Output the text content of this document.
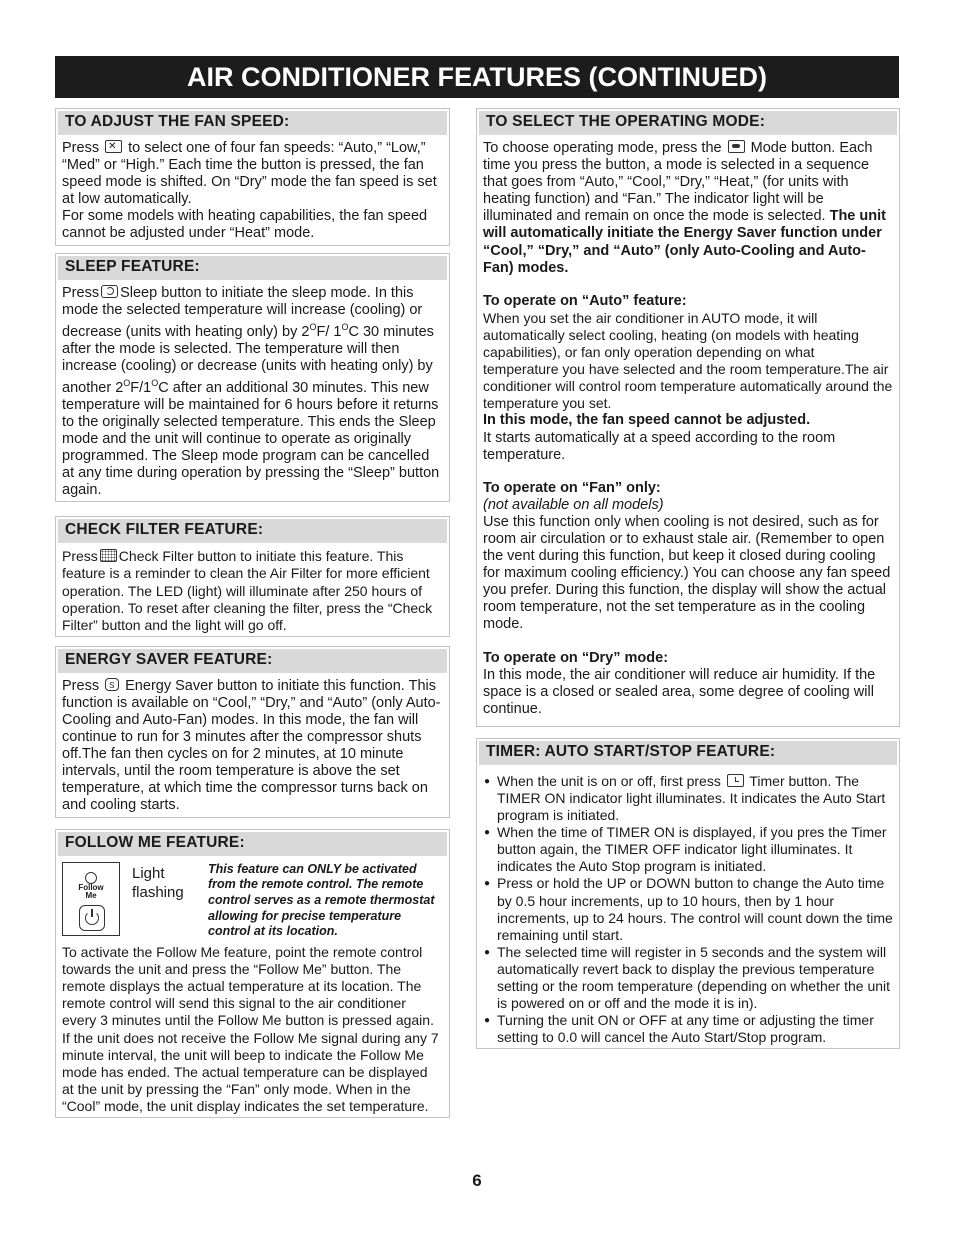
AIR CONDITIONER FEATURES (CONTINUED)
TO ADJUST THE FAN SPEED:

Press ✕ to select one of four fan speeds: “Auto,” “Low,” “Med” or “High.” Each time the button is pressed, the fan speed mode is shifted. On “Dry” mode the fan speed is set at low automatically.

For some models with heating capabilities, the fan speed cannot be adjusted under “Heat” mode.

SLEEP FEATURE:

Press Sleep button to initiate the sleep mode. In this mode the selected temperature will increase (cooling) or decrease (units with heating only) by $2^OF/$ $1^OC$ 30 minutes after the mode is selected. The temperature will then increase (cooling) or decrease (units with heating only) by another $2^OF/1^OC$ after an additional 30 minutes. This new temperature will be maintained for 6 hours before it returns to the originally selected temperature. This ends the Sleep mode and the unit will continue to operate as originally programmed. The Sleep mode program can be cancelled at any time during operation by pressing the “Sleep” button again.

CHECK FILTER FEATURE:

Press Check Filter button to initiate this feature. This feature is a reminder to clean the Air Filter for more efficient operation. The LED (light) will illuminate after 250 hours of operation. To reset after cleaning the filter, press the “Check Filter” button and the light will go off.

ENERGY SAVER FEATURE:

Press S Energy Saver button to initiate this function. This function is available on “Cool,” “Dry,” and “Auto” (only Auto-Cooling and Auto-Fan) modes. In this mode, the fan will continue to run for 3 minutes after the compressor shuts off.The fan then cycles on for 2 minutes, at 10 minute intervals, until the room temperature is above the set temperature, at which time the compressor turns back on and cooling starts.

FOLLOW ME FEATURE:
Follow
Me
Light flashing
This feature can ONLY be activated from the remote control. The remote control serves as a remote thermostat allowing for precise temperature control at its location.

To activate the Follow Me feature, point the remote control towards the unit and press the “Follow Me” button. The remote displays the actual temperature at its location. The remote control will send this signal to the air conditioner every 3 minutes until the Follow Me button is pressed again. If the unit does not receive the Follow Me signal during any 7 minute interval, the unit will beep to indicate the Follow Me mode has ended. The actual temperature can be displayed at the unit by pressing the “Fan” only mode. When in the “Cool” mode, the unit display indicates the set temperature.

TO SELECT THE OPERATING MODE:

To choose operating mode, press the Mode button. Each time you press the button, a mode is selected in a sequence that goes from “Auto,” “Cool,” “Dry,” “Heat,” (for units with heating function) and “Fan.” The indicator light will be illuminated and remain on once the mode is selected. The unit will automatically initiate the Energy Saver function under “Cool,” “Dry,” and “Auto” (only Auto-Cooling and Auto-Fan) modes.

To operate on “Auto” feature:

When you set the air conditioner in AUTO mode, it will automatically select cooling, heating (on models with heating capabilities), or fan only operation depending on what temperature you have selected and the room temperature.The air conditioner will control room temperature automatically around the temperature you set.

In this mode, the fan speed cannot be adjusted.

It starts automatically at a speed according to the room temperature.

To operate on “Fan” only:

(not available on all models)

Use this function only when cooling is not desired, such as for room air circulation or to exhaust stale air. (Remember to open the vent during this function, but keep it closed during cooling for maximum cooling efficiency.) You can choose any fan speed you prefer. During this function, the display will show the actual room temperature, not the set temperature as in the cooling mode.

To operate on “Dry” mode:

In this mode, the air conditioner will reduce air humidity. If the space is a closed or sealed area, some degree of cooling will continue.

TIMER: AUTO START/STOP FEATURE:
● When the unit is on or off, first press Timer button. The TIMER ON indicator light illuminates. It indicates the Auto Start program is initiated.
● When the time of TIMER ON is displayed, if you pres the Timer button again, the TIMER OFF indicator light illuminates. It indicates the Auto Stop program is initiated.
● Press or hold the UP or DOWN button to change the Auto time by 0.5 hour increments, up to 10 hours, then by 1 hour increments, up to 24 hours. The control will count down the time remaining until start.
● The selected time will register in 5 seconds and the system will automatically revert back to display the previous temperature setting or the room temperature (depending on whether the unit is powered on or off and the mode it is in).
● Turning the unit ON or OFF at any time or adjusting the timer setting to 0.0 will cancel the Auto Start/Stop program.
6
